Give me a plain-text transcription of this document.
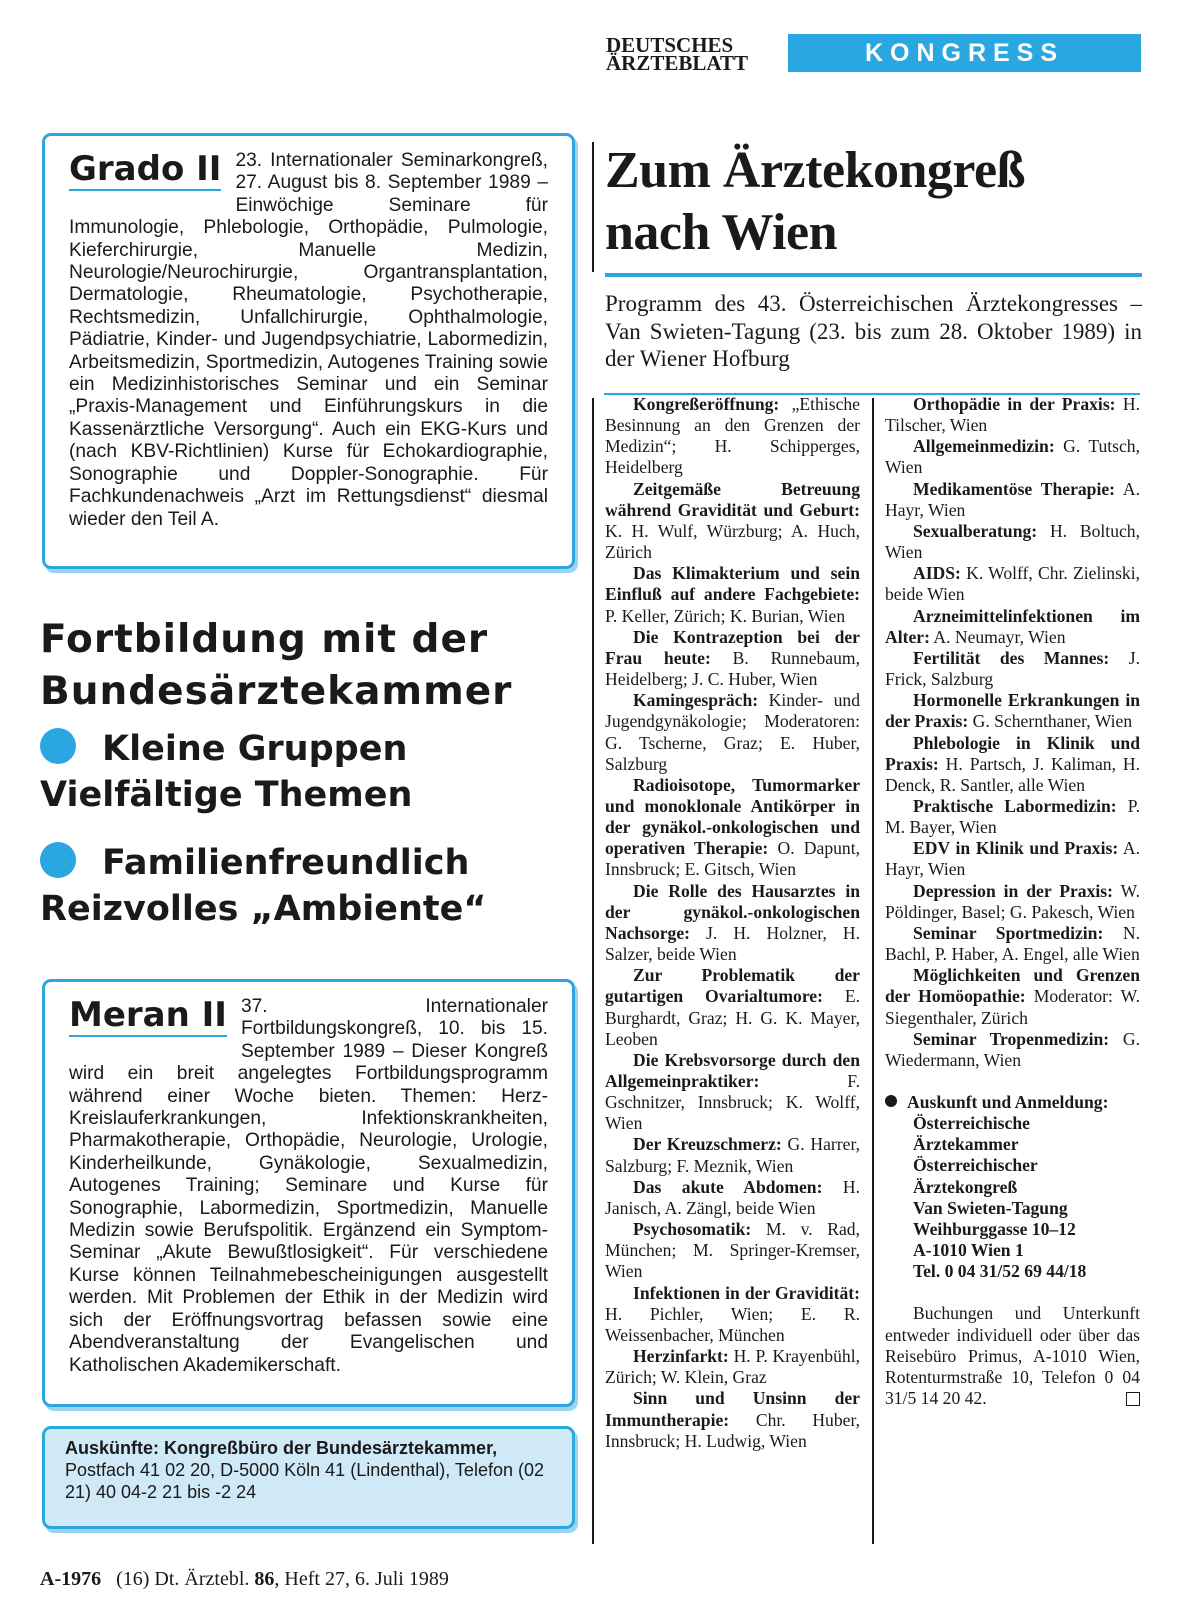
DEUTSCHES
ÄRZTEBLATT	KONGRESS AKTUELL
Grado II 23. Internationaler Seminarkongreß, 27. August bis 8. September 1989 – Einwöchige Seminare für Immunologie, Phlebologie, Orthopädie, Pulmologie, Kieferchirurgie, Manuelle Medizin, Neurologie/Neurochirurgie, Organtransplantation, Dermatologie, Rheumatologie, Psychotherapie, Rechtsmedizin, Unfallchirurgie, Ophthalmologie, Pädiatrie, Kinder- und Jugendpsychiatrie, Labormedizin, Arbeitsmedizin, Sportmedizin, Autogenes Training sowie ein Medizinhistorisches Seminar und ein Seminar „Praxis-Management und Einführungskurs in die Kassenärztliche Versorgung“. Auch ein EKG-Kurs und (nach KBV-Richtlinien) Kurse für Echokardiographie, Sonographie und Doppler-Sonographie. Für Fachkundenachweis „Arzt im Rettungsdienst“ diesmal wieder den Teil A.
Fortbildung mit der
Bundesärztekammer
Kleine Gruppen
Vielfältige Themen
Familienfreundlich
Reizvolles „Ambiente“
Meran II 37. Internationaler Fortbildungskongreß, 10. bis 15. September 1989 – Dieser Kongreß wird ein breit angelegtes Fortbildungsprogramm während einer Woche bieten. Themen: Herz-Kreislauferkrankungen, Infektionskrankheiten, Pharmakotherapie, Orthopädie, Neurologie, Urologie, Kinderheilkunde, Gynäkologie, Sexualmedizin, Autogenes Training; Seminare und Kurse für Sonographie, Labormedizin, Sportmedizin, Manuelle Medizin sowie Berufspolitik. Ergänzend ein Symptom-Seminar „Akute Bewußtlosigkeit“. Für verschiedene Kurse können Teilnahmebescheinigungen ausgestellt werden. Mit Problemen der Ethik in der Medizin wird sich der Eröffnungsvortrag befassen sowie eine Abendveranstaltung der Evangelischen und Katholischen Akademikerschaft.
Auskünfte: Kongreßbüro der Bundesärztekammer,
Postfach 41 02 20, D-5000 Köln 41 (Lindenthal), Telefon (02 21) 40 04-2 21 bis -2 24
Zum Ärztekongreß
nach Wien
Programm des 43. Österreichischen Ärztekongresses – Van Swieten-Tagung (23. bis zum 28. Oktober 1989) in der Wiener Hofburg

Kongreßeröffnung: „Ethische Besinnung an den Grenzen der Medizin“; H. Schipperges, Heidelberg

Zeitgemäße Betreuung während Gravidität und Geburt: K. H. Wulf, Würzburg; A. Huch, Zürich

Das Klimakterium und sein Einfluß auf andere Fachgebiete: P. Keller, Zürich; K. Burian, Wien

Die Kontrazeption bei der Frau heute: B. Runnebaum, Heidelberg; J. C. Huber, Wien

Kamingespräch: Kinder- und Jugendgynäkologie; Moderatoren: G. Tscherne, Graz; E. Huber, Salzburg

Radioisotope, Tumormarker und monoklonale Antikörper in der gynäkol.-onkologischen und operativen Therapie: O. Dapunt, Innsbruck; E. Gitsch, Wien

Die Rolle des Hausarztes in der gynäkol.-onkologischen Nachsorge: J. H. Holzner, H. Salzer, beide Wien

Zur Problematik der gutartigen Ovarialtumore: E. Burghardt, Graz; H. G. K. Mayer, Leoben

Die Krebsvorsorge durch den Allgemeinpraktiker: F. Gschnitzer, Innsbruck; K. Wolff, Wien

Der Kreuzschmerz: G. Harrer, Salzburg; F. Meznik, Wien

Das akute Abdomen: H. Janisch, A. Zängl, beide Wien

Psychosomatik: M. v. Rad, München; M. Springer-Kremser, Wien

Infektionen in der Gravidität: H. Pichler, Wien; E. R. Weissenbacher, München

Herzinfarkt: H. P. Krayenbühl, Zürich; W. Klein, Graz

Sinn und Unsinn der Immuntherapie: Chr. Huber, Innsbruck; H. Ludwig, Wien

Orthopädie in der Praxis: H. Tilscher, Wien

Allgemeinmedizin: G. Tutsch, Wien

Medikamentöse Therapie: A. Hayr, Wien

Sexualberatung: H. Boltuch, Wien

AIDS: K. Wolff, Chr. Zielinski, beide Wien

Arzneimittelinfektionen im Alter: A. Neumayr, Wien

Fertilität des Mannes: J. Frick, Salzburg

Hormonelle Erkrankungen in der Praxis: G. Schernthaner, Wien

Phlebologie in Klinik und Praxis: H. Partsch, J. Kaliman, H. Denck, R. Santler, alle Wien

Praktische Labormedizin: P. M. Bayer, Wien

EDV in Klinik und Praxis: A. Hayr, Wien

Depression in der Praxis: W. Pöldinger, Basel; G. Pakesch, Wien

Seminar Sportmedizin: N. Bachl, P. Haber, A. Engel, alle Wien

Möglichkeiten und Grenzen der Homöopathie: Moderator: W. Siegenthaler, Zürich

Seminar Tropenmedizin: G. Wiedermann, Wien

Auskunft und Anmeldung:
Österreichische
Ärztekammer
Österreichischer
Ärztekongreß
Van Swieten-Tagung
Weihburggasse 10–12
A-1010 Wien 1
Tel. 0 04 31/52 69 44/18

Buchungen und Unterkunft entweder individuell oder über das Reisebüro Primus, A-1010 Wien, Rotenturmstraße 10, Telefon 0 04 31/5 14 20 42.

A-1976 (16) Dt. Ärztebl. 86, Heft 27, 6. Juli 1989
